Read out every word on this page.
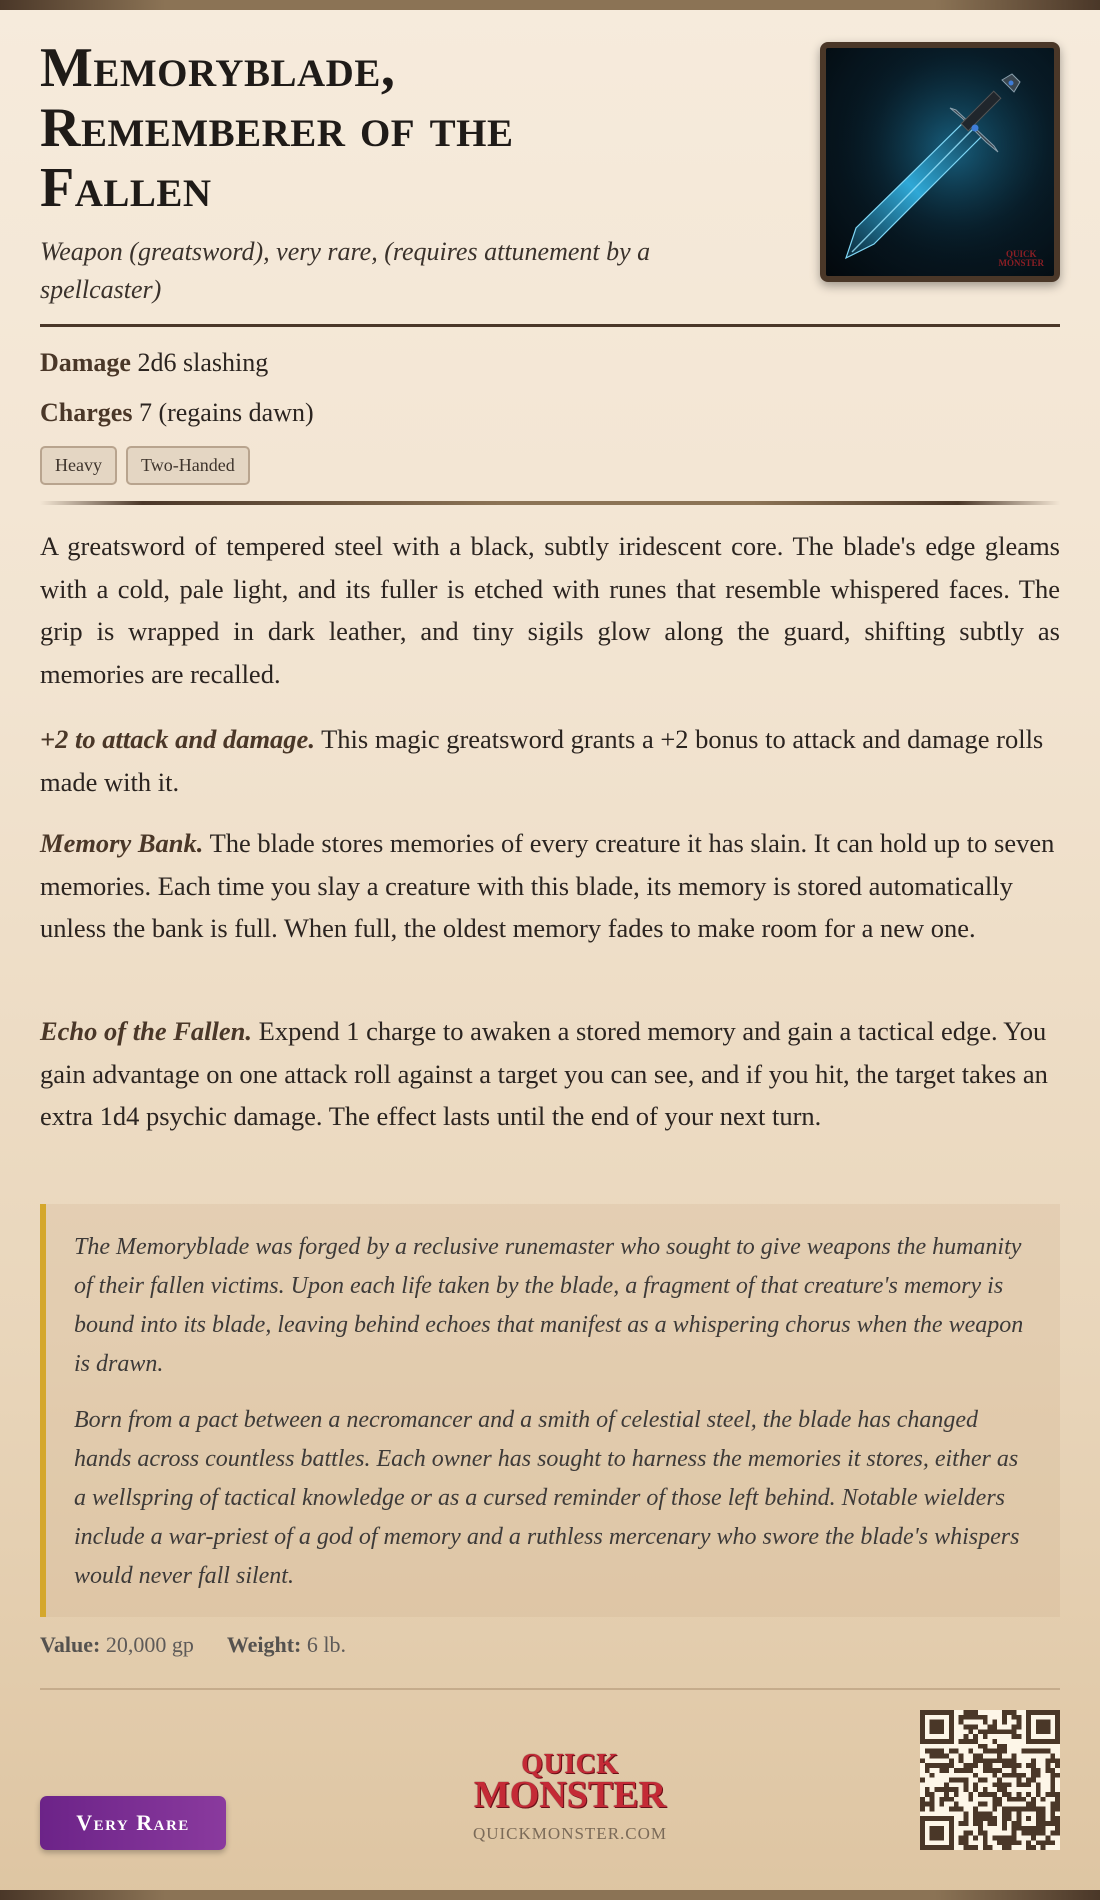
Memoryblade, Rememberer of the Fallen
Weapon (greatsword), very rare, (requires attunement by a spellcaster)
QUICK
MONSTER
Damage 2d6 slashing
Charges 7 (regains dawn)
Heavy	Two-Handed

A greatsword of tempered steel with a black, subtly iridescent core. The blade's edge gleams with a cold, pale light, and its fuller is etched with runes that resemble whispered faces. The grip is wrapped in dark leather, and tiny sigils glow along the guard, shifting subtly as memories are recalled.

+2 to attack and damage. This magic greatsword grants a +2 bonus to attack and damage rolls made with it.

Memory Bank. The blade stores memories of every creature it has slain. It can hold up to seven memories. Each time you slay a creature with this blade, its memory is stored automatically unless the bank is full. When full, the oldest memory fades to make room for a new one.

Echo of the Fallen. Expend 1 charge to awaken a stored memory and gain a tactical edge. You gain advantage on one attack roll against a target you can see, and if you hit, the target takes an extra 1d4 psychic damage. The effect lasts until the end of your next turn.

The Memoryblade was forged by a reclusive runemaster who sought to give weapons the humanity of their fallen victims. Upon each life taken by the blade, a fragment of that creature's memory is bound into its blade, leaving behind echoes that manifest as a whispering chorus when the weapon is drawn.

Born from a pact between a necromancer and a smith of celestial steel, the blade has changed hands across countless battles. Each owner has sought to harness the memories it stores, either as a wellspring of tactical knowledge or as a cursed reminder of those left behind. Notable wielders include a war-priest of a god of memory and a ruthless mercenary who swore the blade's whispers would never fall silent.

Value: 20,000 gp Weight: 6 lb.
Very Rare
QUICK
MONSTER
QUICKMONSTER.COM
